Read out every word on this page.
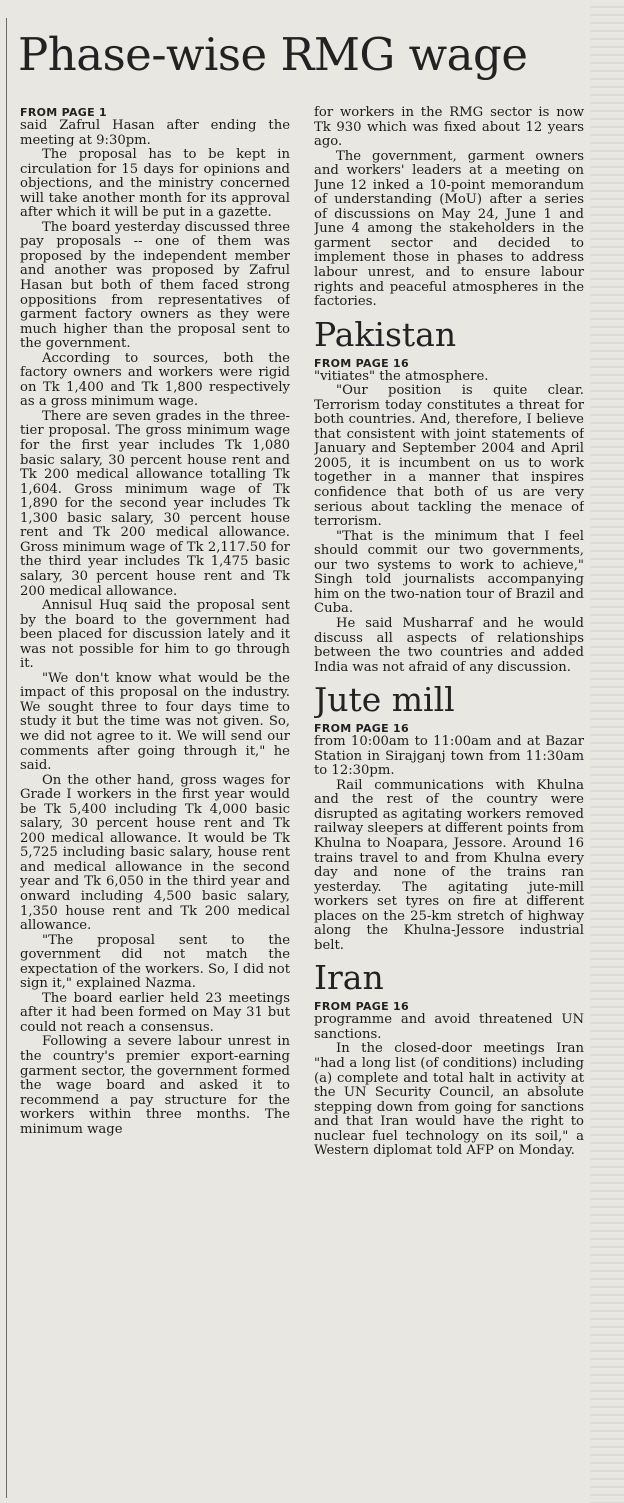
Phase-wise RMG wage

FROM PAGE 1

said Zafrul Hasan after ending the meeting at 9:30pm.

The proposal has to be kept in circulation for 15 days for opinions and objections, and the ministry concerned will take another month for its approval after which it will be put in a gazette.

The board yesterday discussed three pay proposals -- one of them was proposed by the independent member and another was proposed by Zafrul Hasan but both of them faced strong oppositions from representatives of garment factory owners as they were much higher than the proposal sent to the government.

According to sources, both the factory owners and workers were rigid on Tk 1,400 and Tk 1,800 respectively as a gross minimum wage.

There are seven grades in the three-tier proposal. The gross minimum wage for the first year includes Tk 1,080 basic salary, 30 percent house rent and Tk 200 medical allowance totalling Tk 1,604. Gross minimum wage of Tk 1,890 for the second year includes Tk 1,300 basic salary, 30 percent house rent and Tk 200 medical allowance. Gross minimum wage of Tk 2,117.50 for the third year includes Tk 1,475 basic salary, 30 percent house rent and Tk 200 medical allowance.

Annisul Huq said the proposal sent by the board to the government had been placed for discussion lately and it was not possible for him to go through it.

"We don't know what would be the impact of this proposal on the industry. We sought three to four days time to study it but the time was not given. So, we did not agree to it. We will send our comments after going through it," he said.

On the other hand, gross wages for Grade I workers in the first year would be Tk 5,400 including Tk 4,000 basic salary, 30 percent house rent and Tk 200 medical allowance. It would be Tk 5,725 including basic salary, house rent and medical allowance in the second year and Tk 6,050 in the third year and onward including 4,500 basic salary, 1,350 house rent and Tk 200 medical allowance.

"The proposal sent to the government did not match the expectation of the workers. So, I did not sign it," explained Nazma.

The board earlier held 23 meetings after it had been formed on May 31 but could not reach a consensus.

Following a severe labour unrest in the country's premier export-earning garment sector, the government formed the wage board and asked it to recommend a pay structure for the workers within three months. The minimum wage

for workers in the RMG sector is now Tk 930 which was fixed about 12 years ago.

The government, garment owners and workers' leaders at a meeting on June 12 inked a 10-point memorandum of understanding (MoU) after a series of discussions on May 24, June 1 and June 4 among the stakeholders in the garment sector and decided to implement those in phases to address labour unrest, and to ensure labour rights and peaceful atmospheres in the factories.

Pakistan

FROM PAGE 16

"vitiates" the atmosphere.

"Our position is quite clear. Terrorism today constitutes a threat for both countries. And, therefore, I believe that consistent with joint statements of January and September 2004 and April 2005, it is incumbent on us to work together in a manner that inspires confidence that both of us are very serious about tackling the menace of terrorism.

"That is the minimum that I feel should commit our two governments, our two systems to work to achieve," Singh told journalists accompanying him on the two-nation tour of Brazil and Cuba.

He said Musharraf and he would discuss all aspects of relationships between the two countries and added India was not afraid of any discussion.

Jute mill

FROM PAGE 16

from 10:00am to 11:00am and at Bazar Station in Sirajganj town from 11:30am to 12:30pm.

Rail communications with Khulna and the rest of the country were disrupted as agitating workers removed railway sleepers at different points from Khulna to Noapara, Jessore. Around 16 trains travel to and from Khulna every day and none of the trains ran yesterday. The agitating jute-mill workers set tyres on fire at different places on the 25-km stretch of highway along the Khulna-Jessore industrial belt.

Iran

FROM PAGE 16

programme and avoid threatened UN sanctions.

In the closed-door meetings Iran "had a long list (of conditions) including (a) complete and total halt in activity at the UN Security Council, an absolute stepping down from going for sanctions and that Iran would have the right to nuclear fuel technology on its soil," a Western diplomat told AFP on Monday.
